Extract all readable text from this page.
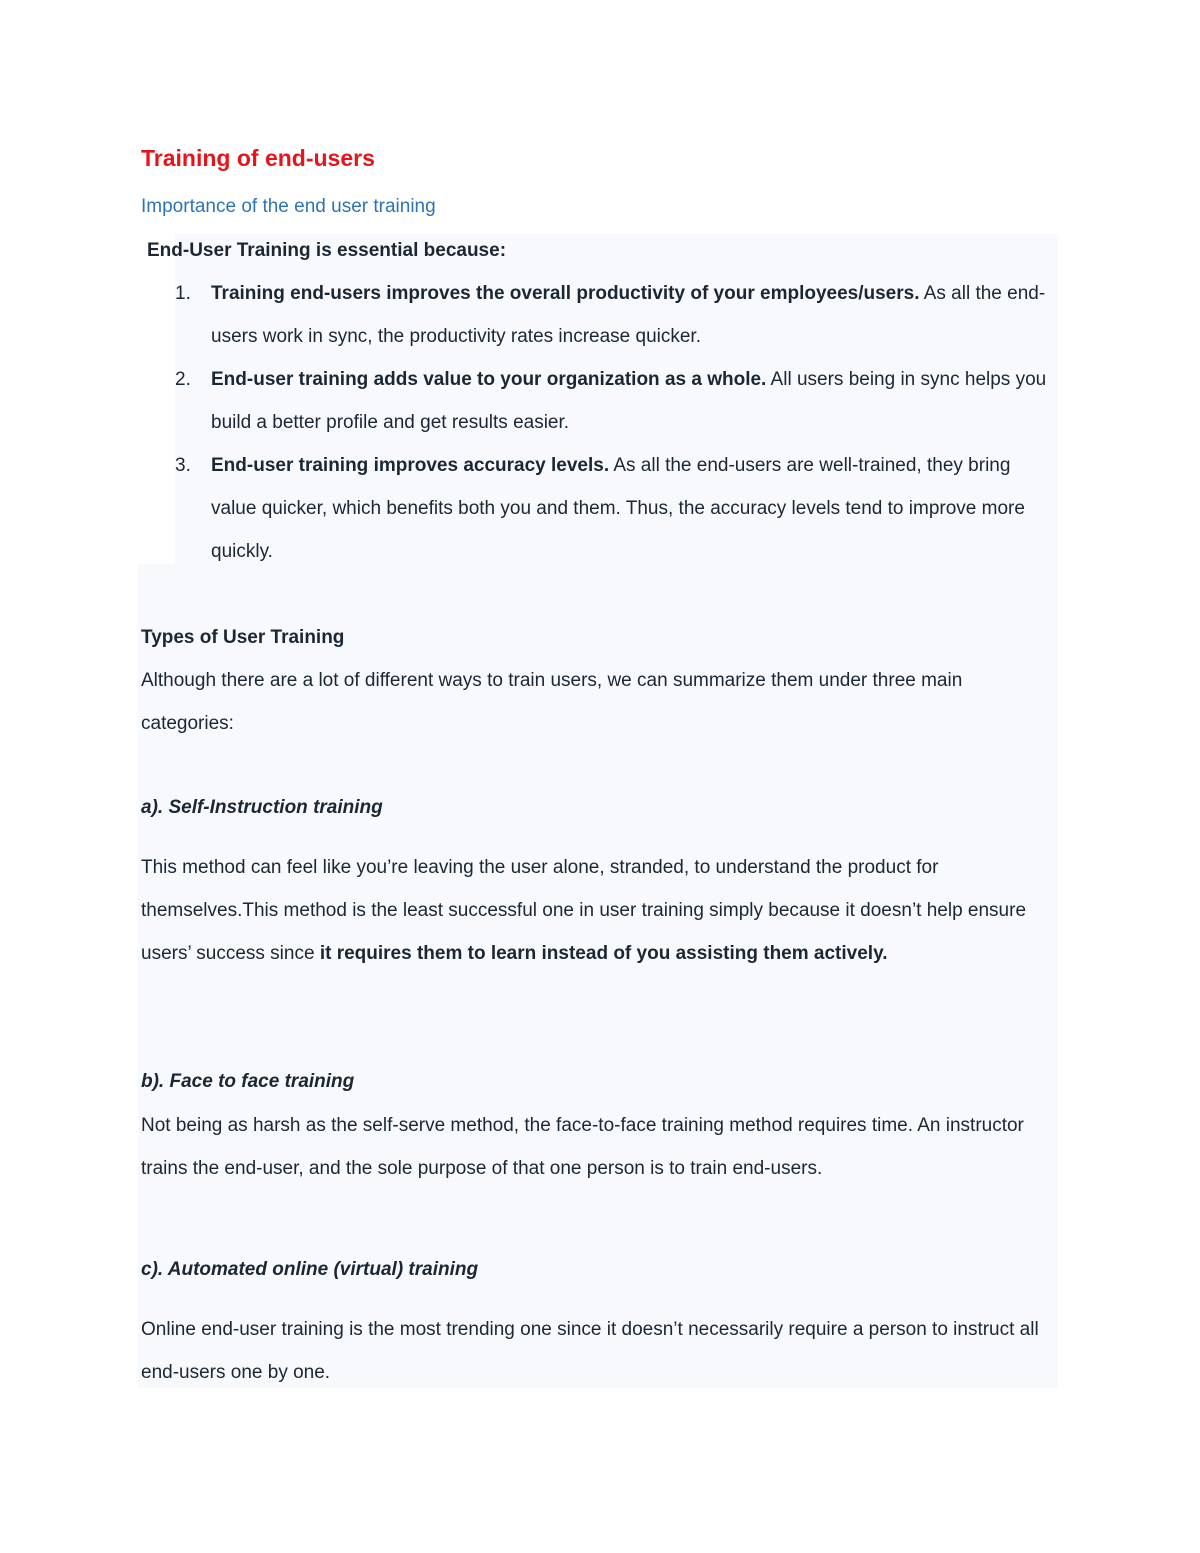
Training of end-users
Importance of the end user training
End-User Training is essential because:
1. Training end-users improves the overall productivity of your employees/users. As all the end-users work in sync, the productivity rates increase quicker.
2. End-user training adds value to your organization as a whole. All users being in sync helps you build a better profile and get results easier.
3. End-user training improves accuracy levels. As all the end-users are well-trained, they bring value quicker, which benefits both you and them. Thus, the accuracy levels tend to improve more quickly.
Types of User Training
Although there are a lot of different ways to train users, we can summarize them under three main categories:
a). Self-Instruction training
This method can feel like you’re leaving the user alone, stranded, to understand the product for themselves.This method is the least successful one in user training simply because it doesn’t help ensure users’ success since it requires them to learn instead of you assisting them actively.
b). Face to face training
Not being as harsh as the self-serve method, the face-to-face training method requires time. An instructor trains the end-user, and the sole purpose of that one person is to train end-users.
c). Automated online (virtual) training
Online end-user training is the most trending one since it doesn’t necessarily require a person to instruct all end-users one by one.
